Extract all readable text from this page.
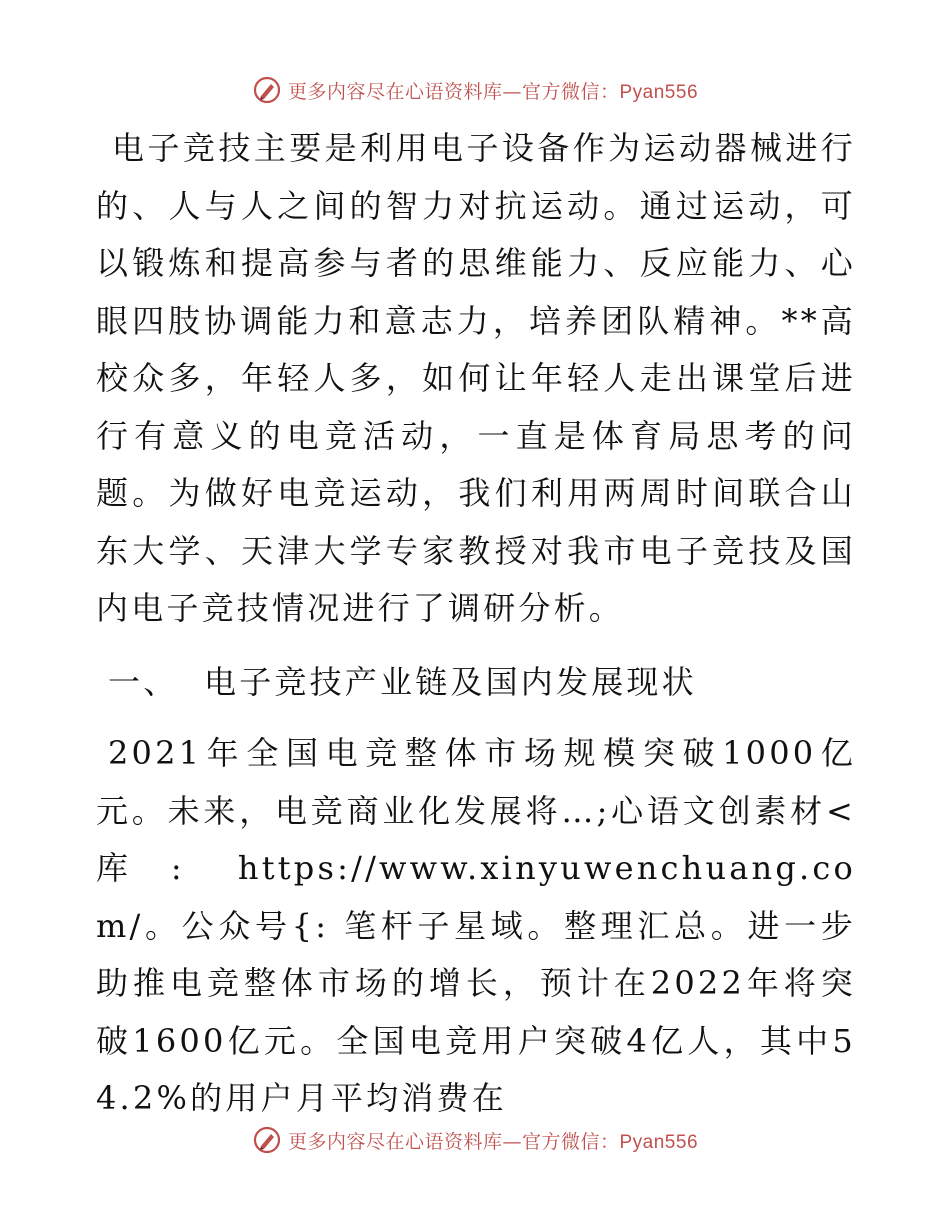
更多内容尽在心语资料库—官方微信：Pyan556

电子竞技主要是利用电子设备作为运动器械进行的、人与人之间的智力对抗运动。通过运动，可以锻炼和提高参与者的思维能力、反应能力、心眼四肢协调能力和意志力，培养团队精神。**高校众多，年轻人多，如何让年轻人走出课堂后进行有意义的电竞活动，一直是体育局思考的问题。为做好电竞运动，我们利用两周时间联合山东大学、天津大学专家教授对我市电子竞技及国内电子竞技情况进行了调研分析。

一、 电子竞技产业链及国内发展现状

2021年全国电竞整体市场规模突破1000亿元。未来，电竞商业化发展将…;心语文创素材<库: https://www.xinyuwenchuang.com/。公众号{: 笔杆子星域。整理汇总。进一步助推电竞整体市场的增长，预计在2022年将突破1600亿元。全国电竞用户突破4亿人，其中54.2%的用户月平均消费在

更多内容尽在心语资料库—官方微信：Pyan556
